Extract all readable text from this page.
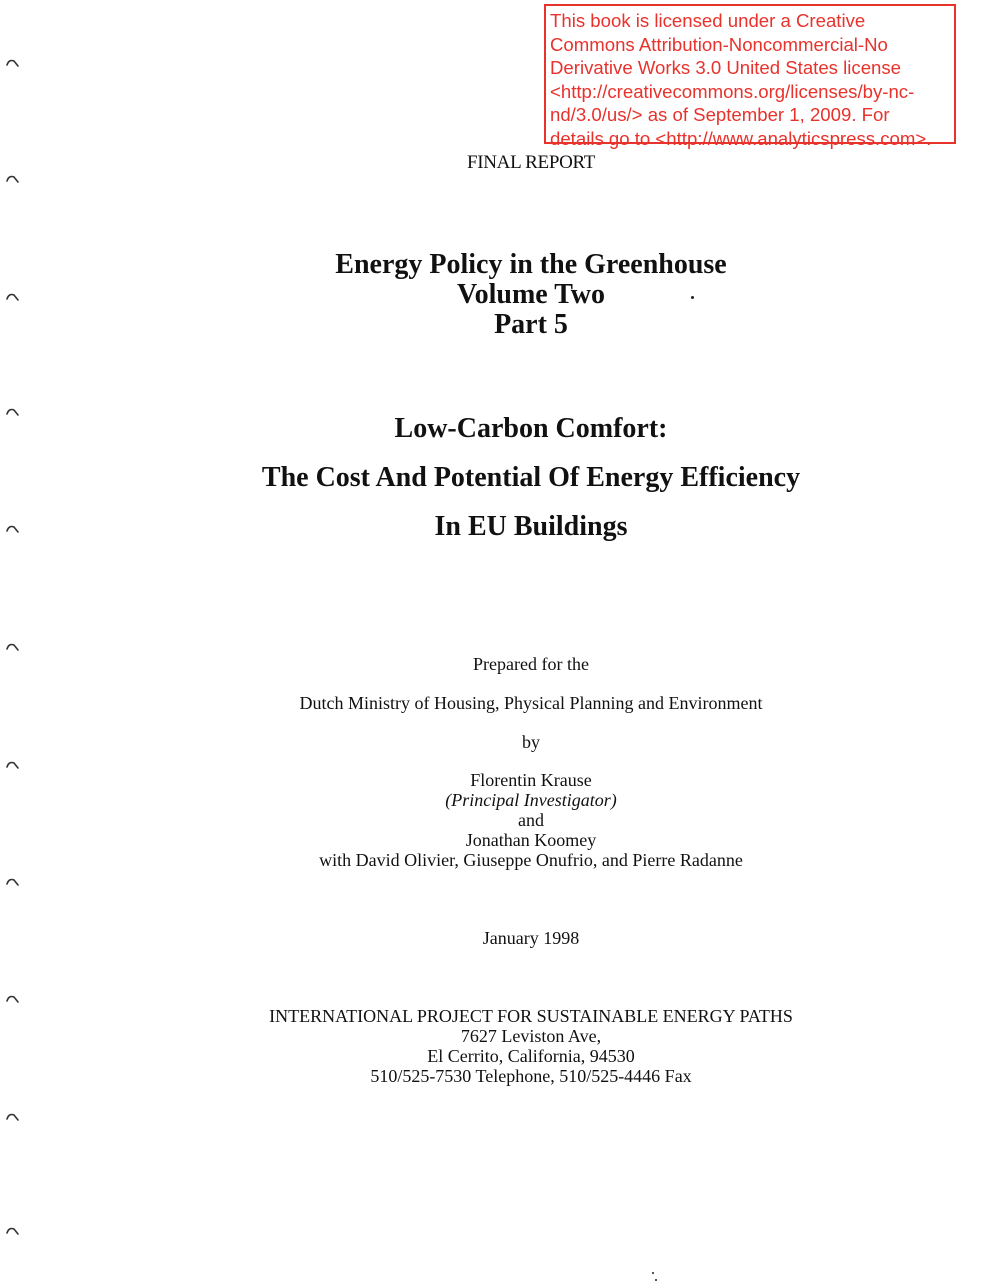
This book is licensed under a Creative
Commons Attribution-Noncommercial-No
Derivative Works 3.0 United States license
<http://creativecommons.org/licenses/by-nc-
nd/3.0/us/> as of September 1, 2009. For
details go to <http://www.analyticspress.com>.
FINAL REPORT
Energy Policy in the Greenhouse
Volume Two
Part 5
Low-Carbon Comfort:
The Cost And Potential Of Energy Efficiency
In EU Buildings
Prepared for the
Dutch Ministry of Housing, Physical Planning and Environment
by
Florentin Krause
(Principal Investigator)
and
Jonathan Koomey
with David Olivier, Giuseppe Onufrio, and Pierre Radanne
January 1998
INTERNATIONAL PROJECT FOR SUSTAINABLE ENERGY PATHS
7627 Leviston Ave,
El Cerrito, California, 94530
510/525-7530 Telephone, 510/525-4446 Fax
